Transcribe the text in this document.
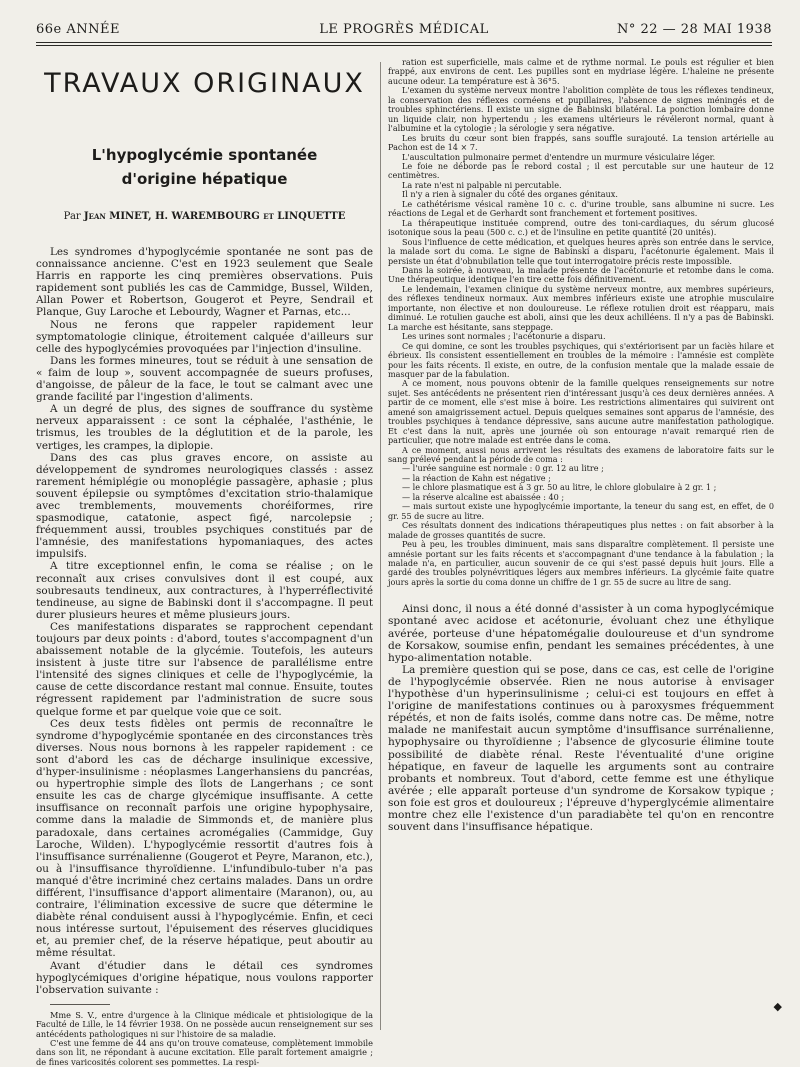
66e ANNÉE	LE PROGRÈS MÉDICAL	N° 22 — 28 MAI 1938
TRAVAUX ORIGINAUX
L'hypoglycémie spontanée
d'origine hépatique
Par Jean MINET, H. WAREMBOURG et LINQUETTE

Les syndromes d'hypoglycémie spontanée ne sont pas de connaissance ancienne. C'est en 1923 seulement que Seale Harris en rapporte les cinq premières observations. Puis rapidement sont publiés les cas de Cammidge, Bussel, Wilden, Allan Power et Robertson, Gougerot et Peyre, Sendrail et Planque, Guy Laroche et Lebourdy, Wagner et Parnas, etc...

Nous ne ferons que rappeler rapidement leur symptomatologie clinique, étroitement calquée d'ailleurs sur celle des hypoglycémies provoquées par l'injection d'insuline.

Dans les formes mineures, tout se réduit à une sensation de « faim de loup », souvent accompagnée de sueurs profuses, d'angoisse, de pâleur de la face, le tout se calmant avec une grande facilité par l'ingestion d'aliments.

A un degré de plus, des signes de souffrance du système nerveux apparaissent : ce sont la céphalée, l'asthénie, le trismus, les troubles de la déglutition et de la parole, les vertiges, les crampes, la diplopie.

Dans des cas plus graves encore, on assiste au développement de syndromes neurologiques classés : assez rarement hémiplégie ou monoplégie passagère, aphasie ; plus souvent épilepsie ou symptômes d'excitation strio-thalamique avec tremblements, mouvements choréiformes, rire spasmodique, catatonie, aspect figé, narcolepsie ; fréquemment aussi, troubles psychiques constitués par de l'amnésie, des manifestations hypomaniaques, des actes impulsifs.

A titre exceptionnel enfin, le coma se réalise ; on le reconnaît aux crises convulsives dont il est coupé, aux soubresauts tendineux, aux contractures, à l'hyperréflectivité tendineuse, au signe de Babinski dont il s'accompagne. Il peut durer plusieurs heures et même plusieurs jours.

Ces manifestations disparates se rapprochent cependant toujours par deux points : d'abord, toutes s'accompagnent d'un abaissement notable de la glycémie. Toutefois, les auteurs insistent à juste titre sur l'absence de parallélisme entre l'intensité des signes cliniques et celle de l'hypoglycémie, la cause de cette discordance restant mal connue. Ensuite, toutes régressent rapidement par l'administration de sucre sous quelque forme et par quelque voie que ce soit.

Ces deux tests fidèles ont permis de reconnaître le syndrome d'hypoglycémie spontanée en des circonstances très diverses. Nous nous bornons à les rappeler rapidement : ce sont d'abord les cas de décharge insulinique excessive, d'hyper-insulinisme : néoplasmes Langerhansiens du pancréas, ou hypertrophie simple des îlots de Langerhans ; ce sont ensuite les cas de charge glycémique insuffisante. A cette insuffisance on reconnaît parfois une origine hypophysaire, comme dans la maladie de Simmonds et, de manière plus paradoxale, dans certaines acromégalies (Cammidge, Guy Laroche, Wilden). L'hypoglycémie ressortit d'autres fois à l'insuffisance surrénalienne (Gougerot et Peyre, Maranon, etc.), ou à l'insuffisance thyroïdienne. L'infundibulo-tuber n'a pas manqué d'être incriminé chez certains malades. Dans un ordre différent, l'insuffisance d'apport alimentaire (Maranon), ou, au contraire, l'élimination excessive de sucre que détermine le diabète rénal conduisent aussi à l'hypoglycémie. Enfin, et ceci nous intéresse surtout, l'épuisement des réserves glucidiques et, au premier chef, de la réserve hépatique, peut aboutir au même résultat.

Avant d'étudier dans le détail ces syndromes hypoglycémiques d'origine hépatique, nous voulons rapporter l'observation suivante :

Mme S. V., entre d'urgence à la Clinique médicale et phtisiologique de la Faculté de Lille, le 14 février 1938. On ne possède aucun renseignement sur ses antécédents pathologiques ni sur l'histoire de sa maladie.

C'est une femme de 44 ans qu'on trouve comateuse, complètement immobile dans son lit, ne répondant à aucune excitation. Elle paraît fortement amaigrie ; de fines varicosités colorent ses pommettes. La respi-

ration est superficielle, mais calme et de rythme normal. Le pouls est régulier et bien frappé, aux environs de cent. Les pupilles sont en mydriase légère. L'haleine ne présente aucune odeur. La température est à 36°5.

L'examen du système nerveux montre l'abolition complète de tous les réflexes tendineux, la conservation des réflexes cornéens et pupillaires, l'absence de signes méningés et de troubles sphinctériens. Il existe un signe de Babinski bilatéral. La ponction lombaire donne un liquide clair, non hypertendu ; les examens ultérieurs le révéleront normal, quant à l'albumine et la cytologie ; la sérologie y sera négative.

Les bruits du cœur sont bien frappés, sans souffle surajouté. La tension artérielle au Pachon est de 14 × 7.

L'auscultation pulmonaire permet d'entendre un murmure vésiculaire léger.

Le foie ne déborde pas le rebord costal ; il est percutable sur une hauteur de 12 centimètres.

La rate n'est ni palpable ni percutable.

Il n'y a rien à signaler du côté des organes génitaux.

Le cathétérisme vésical ramène 10 c. c. d'urine trouble, sans albumine ni sucre. Les réactions de Legal et de Gerhardt sont franchement et fortement positives.

La thérapeutique instituée comprend, outre des toni-cardiaques, du sérum glucosé isotonique sous la peau (500 c. c.) et de l'insuline en petite quantité (20 unités).

Sous l'influence de cette médication, et quelques heures après son entrée dans le service, la malade sort du coma. Le signe de Babinski a disparu, l'acétonurie également. Mais il persiste un état d'obnubilation telle que tout interrogatoire précis reste impossible.

Dans la soirée, à nouveau, la malade présente de l'acétonurie et retombe dans le coma. Une thérapeutique identique l'en tire cette fois définitivement.

Le lendemain, l'examen clinique du système nerveux montre, aux membres supérieurs, des réflexes tendineux normaux. Aux membres inférieurs existe une atrophie musculaire importante, non élective et non douloureuse. Le réflexe rotulien droit est réapparu, mais diminué. Le rotulien gauche est aboli, ainsi que les deux achilléens. Il n'y a pas de Babinski. La marche est hésitante, sans steppage.

Les urines sont normales ; l'acétonurie a disparu.

Ce qui domine, ce sont les troubles psychiques, qui s'extériorisent par un faciès hilare et ébrieux. Ils consistent essentiellement en troubles de la mémoire : l'amnésie est complète pour les faits récents. Il existe, en outre, de la confusion mentale que la malade essaie de masquer par de la fabulation.

A ce moment, nous pouvons obtenir de la famille quelques renseignements sur notre sujet. Ses antécédents ne présentent rien d'intéressant jusqu'à ces deux dernières années. A partir de ce moment, elle s'est mise à boire. Les restrictions alimentaires qui suivirent ont amené son amaigrissement actuel. Depuis quelques semaines sont apparus de l'amnésie, des troubles psychiques à tendance dépressive, sans aucune autre manifestation pathologique. Et c'est dans la nuit, après une journée où son entourage n'avait remarqué rien de particulier, que notre malade est entrée dans le coma.

A ce moment, aussi nous arrivent les résultats des examens de laboratoire faits sur le sang prélevé pendant la période de coma :

— l'urée sanguine est normale : 0 gr. 12 au litre ;

— la réaction de Kahn est négative ;

— le chlore plasmatique est à 3 gr. 50 au litre, le chlore globulaire à 2 gr. 1 ;

— la réserve alcaline est abaissée : 40 ;

— mais surtout existe une hypoglycémie importante, la teneur du sang est, en effet, de 0 gr. 55 de sucre au litre.

Ces résultats donnent des indications thérapeutiques plus nettes : on fait absorber à la malade de grosses quantités de sucre.

Peu à peu, les troubles diminuent, mais sans disparaître complètement. Il persiste une amnésie portant sur les faits récents et s'accompagnant d'une tendance à la fabulation ; la malade n'a, en particulier, aucun souvenir de ce qui s'est passé depuis huit jours. Elle a gardé des troubles polynévritiques légers aux membres inférieurs. La glycémie faite quatre jours après la sortie du coma donne un chiffre de 1 gr. 55 de sucre au litre de sang.

Ainsi donc, il nous a été donné d'assister à un coma hypoglycémique spontané avec acidose et acétonurie, évoluant chez une éthylique avérée, porteuse d'une hépatomégalie douloureuse et d'un syndrome de Korsakow, soumise enfin, pendant les semaines précédentes, à une hypo-alimentation notable.

La première question qui se pose, dans ce cas, est celle de l'origine de l'hypoglycémie observée. Rien ne nous autorise à envisager l'hypothèse d'un hyperinsulinisme ; celui-ci est toujours en effet à l'origine de manifestations continues ou à paroxysmes fréquemment répétés, et non de faits isolés, comme dans notre cas. De même, notre malade ne manifestait aucun symptôme d'insuffisance surrénalienne, hypophysaire ou thyroïdienne ; l'absence de glycosurie élimine toute possibilité de diabète rénal. Reste l'éventualité d'une origine hépatique, en faveur de laquelle les arguments sont au contraire probants et nombreux. Tout d'abord, cette femme est une éthylique avérée ; elle apparaît porteuse d'un syndrome de Korsakow typique ; son foie est gros et douloureux ; l'épreuve d'hyperglycémie alimentaire montre chez elle l'existence d'un paradiabète tel qu'on en rencontre souvent dans l'insuffisance hépatique.

◆
